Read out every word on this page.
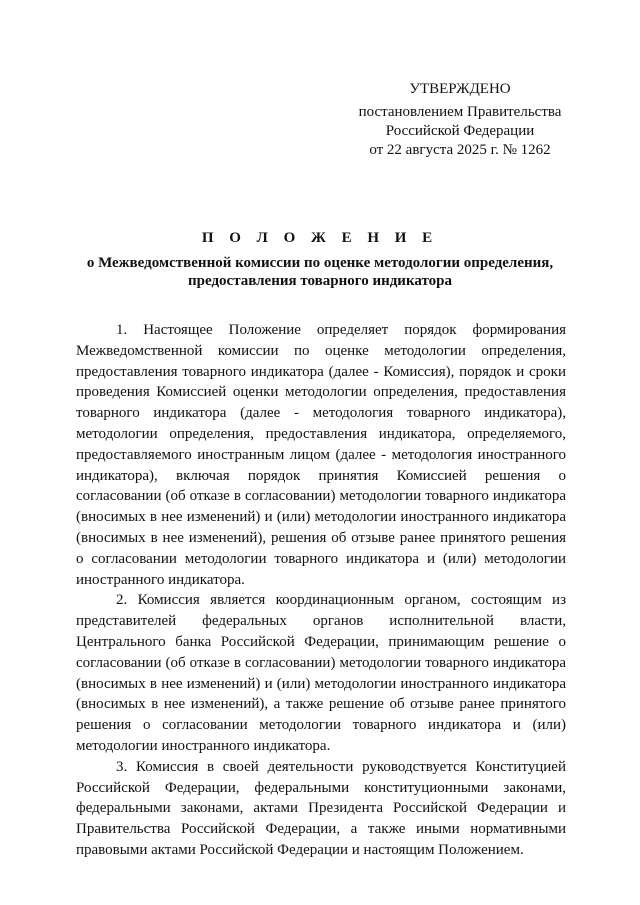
УТВЕРЖДЕНО
постановлением Правительства
Российской Федерации
от 22 августа 2025 г. № 1262
П О Л О Ж Е Н И Е
о Межведомственной комиссии по оценке методологии определения,
предоставления товарного индикатора

1. Настоящее Положение определяет порядок формирования Межведомственной комиссии по оценке методологии определения, предоставления товарного индикатора (далее - Комиссия), порядок и сроки проведения Комиссией оценки методологии определения, предоставления товарного индикатора (далее - методология товарного индикатора), методологии определения, предоставления индикатора, определяемого, предоставляемого иностранным лицом (далее - методология иностранного индикатора), включая порядок принятия Комиссией решения о согласовании (об отказе в согласовании) методологии товарного индикатора (вносимых в нее изменений) и (или) методологии иностранного индикатора (вносимых в нее изменений), решения об отзыве ранее принятого решения о согласовании методологии товарного индикатора и (или) методологии иностранного индикатора.

2. Комиссия является координационным органом, состоящим из представителей федеральных органов исполнительной власти, Центрального банка Российской Федерации, принимающим решение о согласовании (об отказе в согласовании) методологии товарного индикатора (вносимых в нее изменений) и (или) методологии иностранного индикатора (вносимых в нее изменений), а также решение об отзыве ранее принятого решения о согласовании методологии товарного индикатора и (или) методологии иностранного индикатора.

3. Комиссия в своей деятельности руководствуется Конституцией Российской Федерации, федеральными конституционными законами, федеральными законами, актами Президента Российской Федерации и Правительства Российской Федерации, а также иными нормативными правовыми актами Российской Федерации и настоящим Положением.
